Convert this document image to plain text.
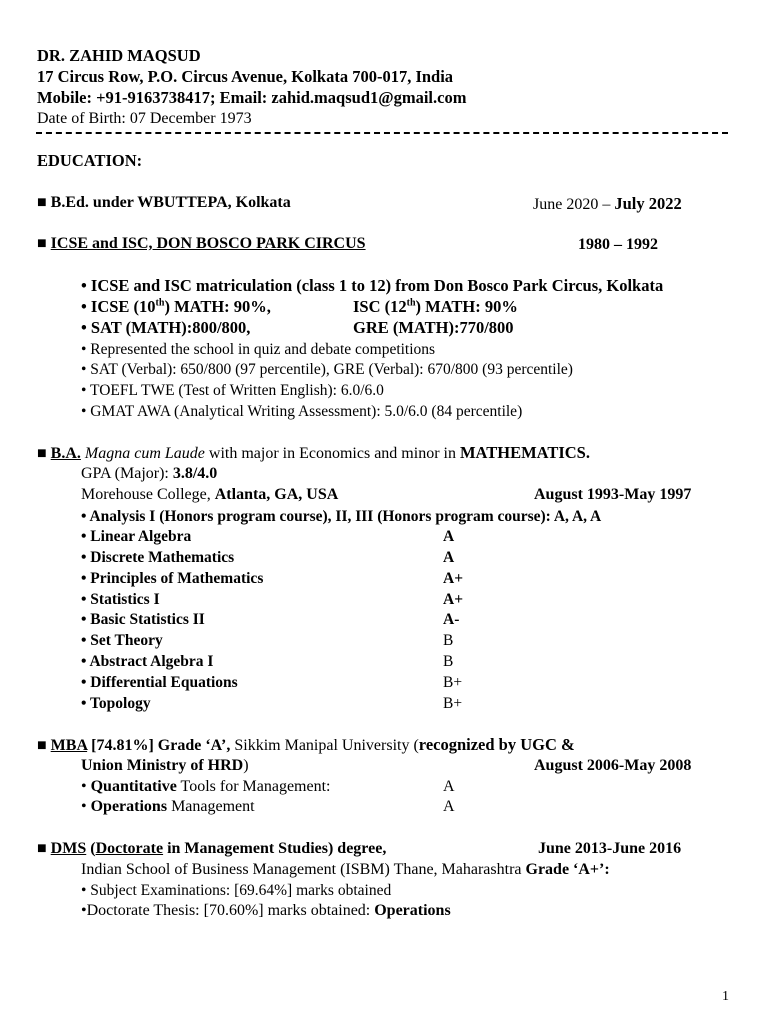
DR. ZAHID MAQSUD
17 Circus Row, P.O. Circus Avenue, Kolkata 700-017, India
Mobile: +91-9163738417; Email: zahid.maqsud1@gmail.com
Date of Birth: 07 December 1973
EDUCATION:
■ B.Ed. under WBUTTEPA, Kolkata	June 2020 – July 2022
■ ICSE and ISC, DON BOSCO PARK CIRCUS	1980 – 1992
• ICSE and ISC matriculation (class 1 to 12) from Don Bosco Park Circus, Kolkata
• ICSE (10th) MATH: 90%,	ISC (12th) MATH: 90%
• SAT (MATH):800/800,	GRE (MATH):770/800
• Represented the school in quiz and debate competitions
• SAT (Verbal): 650/800 (97 percentile), GRE (Verbal): 670/800 (93 percentile)
• TOEFL TWE (Test of Written English): 6.0/6.0
• GMAT AWA (Analytical Writing Assessment): 5.0/6.0 (84 percentile)
■ B.A. Magna cum Laude with major in Economics and minor in MATHEMATICS.
GPA (Major): 3.8/4.0
Morehouse College, Atlanta, GA, USA	August 1993-May 1997
• Analysis I (Honors program course), II, III (Honors program course): A, A, A
• Linear Algebra	A
• Discrete Mathematics	A
• Principles of Mathematics	A+
• Statistics I	A+
• Basic Statistics II	A-
• Set Theory	B
• Abstract Algebra I	B
• Differential Equations	B+
• Topology	B+
■ MBA [74.81%] Grade ‘A’, Sikkim Manipal University (recognized by UGC &
Union Ministry of HRD)	August 2006-May 2008
• Quantitative Tools for Management:	A
• Operations Management	A
■ DMS (Doctorate in Management Studies) degree,	June 2013-June 2016
Indian School of Business Management (ISBM) Thane, Maharashtra Grade ‘A+’:
• Subject Examinations: [69.64%] marks obtained
•Doctorate Thesis: [70.60%] marks obtained: Operations
1
